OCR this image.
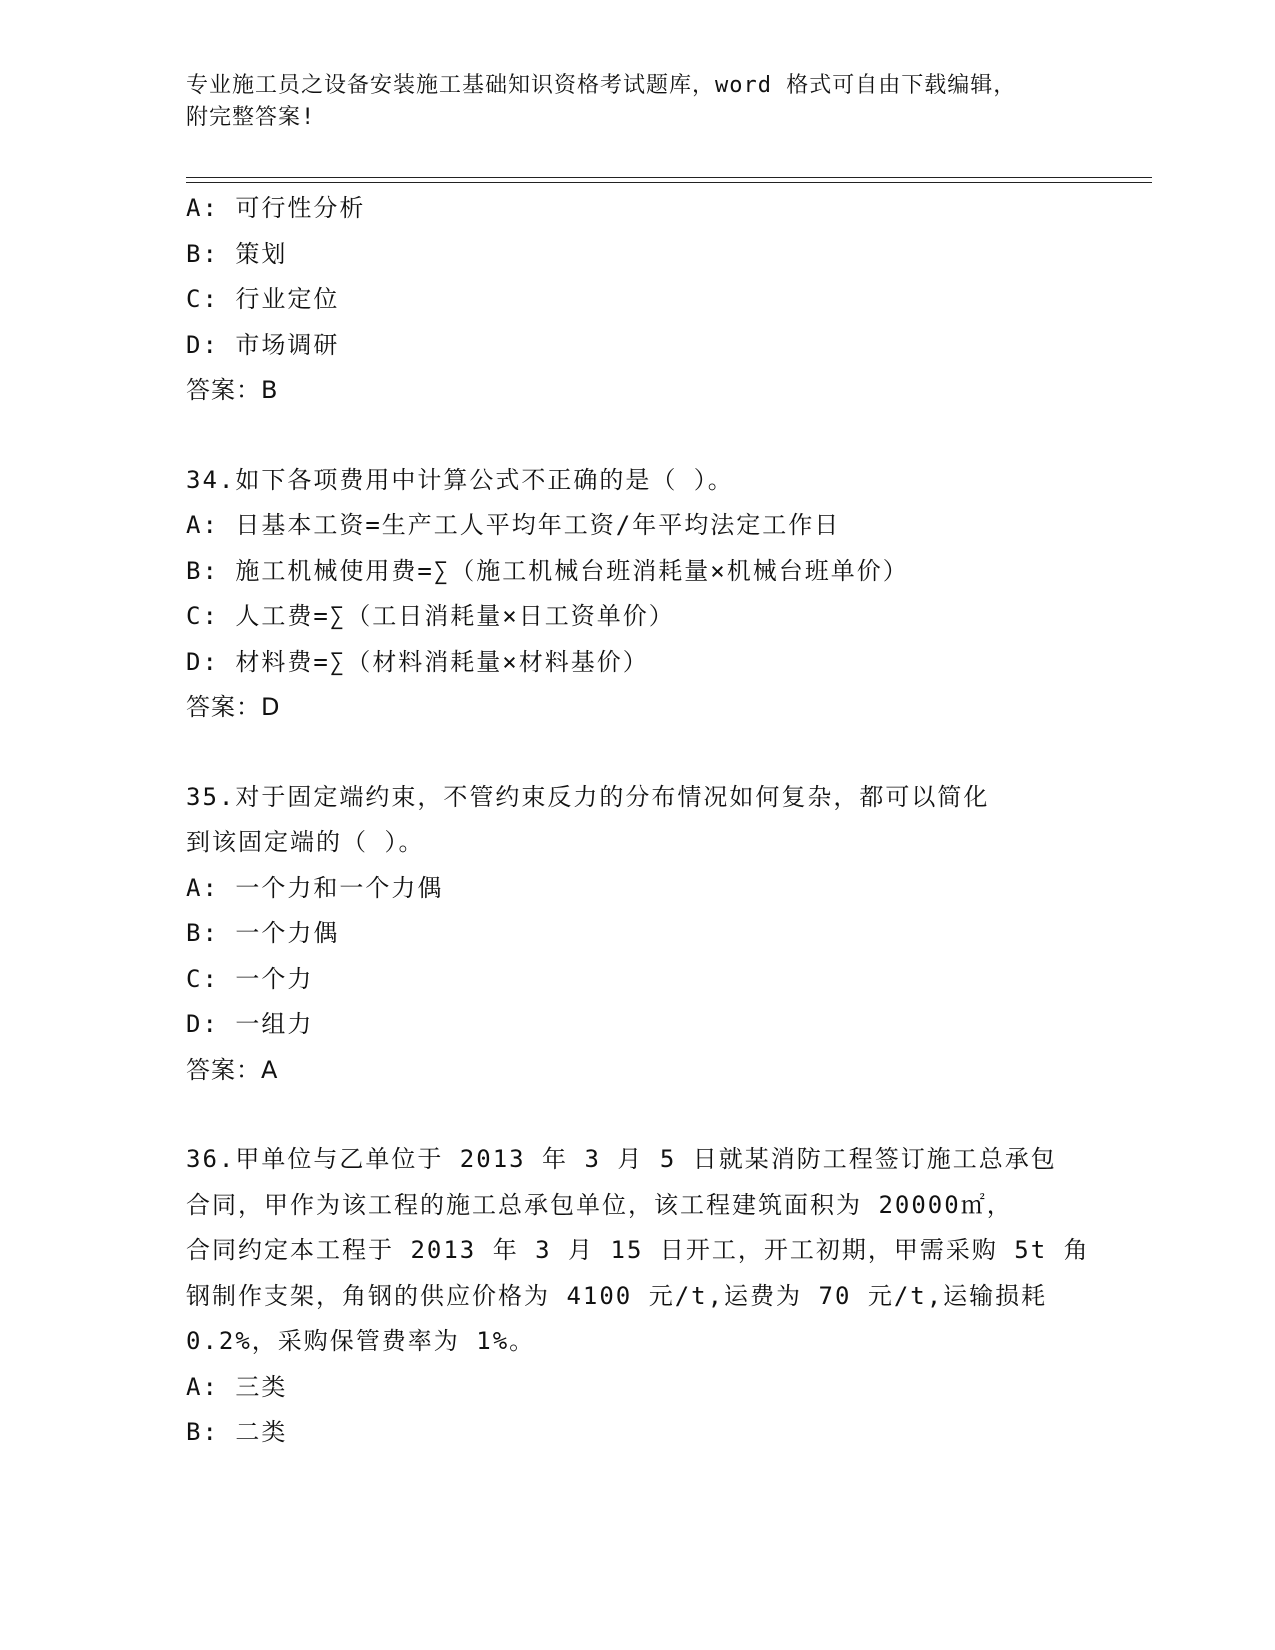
专业施工员之设备安装施工基础知识资格考试题库，word 格式可自由下载编辑，
附完整答案!
A: 可行性分析
B: 策划
C: 行业定位
D: 市场调研
答案：B
34.如下各项费用中计算公式不正确的是（ ）。
A: 日基本工资=生产工人平均年工资/年平均法定工作日
B: 施工机械使用费=∑（施工机械台班消耗量×机械台班单价）
C: 人工费=∑（工日消耗量×日工资单价）
D: 材料费=∑（材料消耗量×材料基价）
答案：D
35.对于固定端约束，不管约束反力的分布情况如何复杂，都可以简化
到该固定端的（ ）。
A: 一个力和一个力偶
B: 一个力偶
C: 一个力
D: 一组力
答案：A
36.甲单位与乙单位于 2013 年 3 月 5 日就某消防工程签订施工总承包
合同，甲作为该工程的施工总承包单位，该工程建筑面积为 20000㎡，
合同约定本工程于 2013 年 3 月 15 日开工，开工初期，甲需采购 5t 角
钢制作支架，角钢的供应价格为 4100 元/t,运费为 70 元/t,运输损耗
0.2%，采购保管费率为 1%。
A: 三类
B: 二类
